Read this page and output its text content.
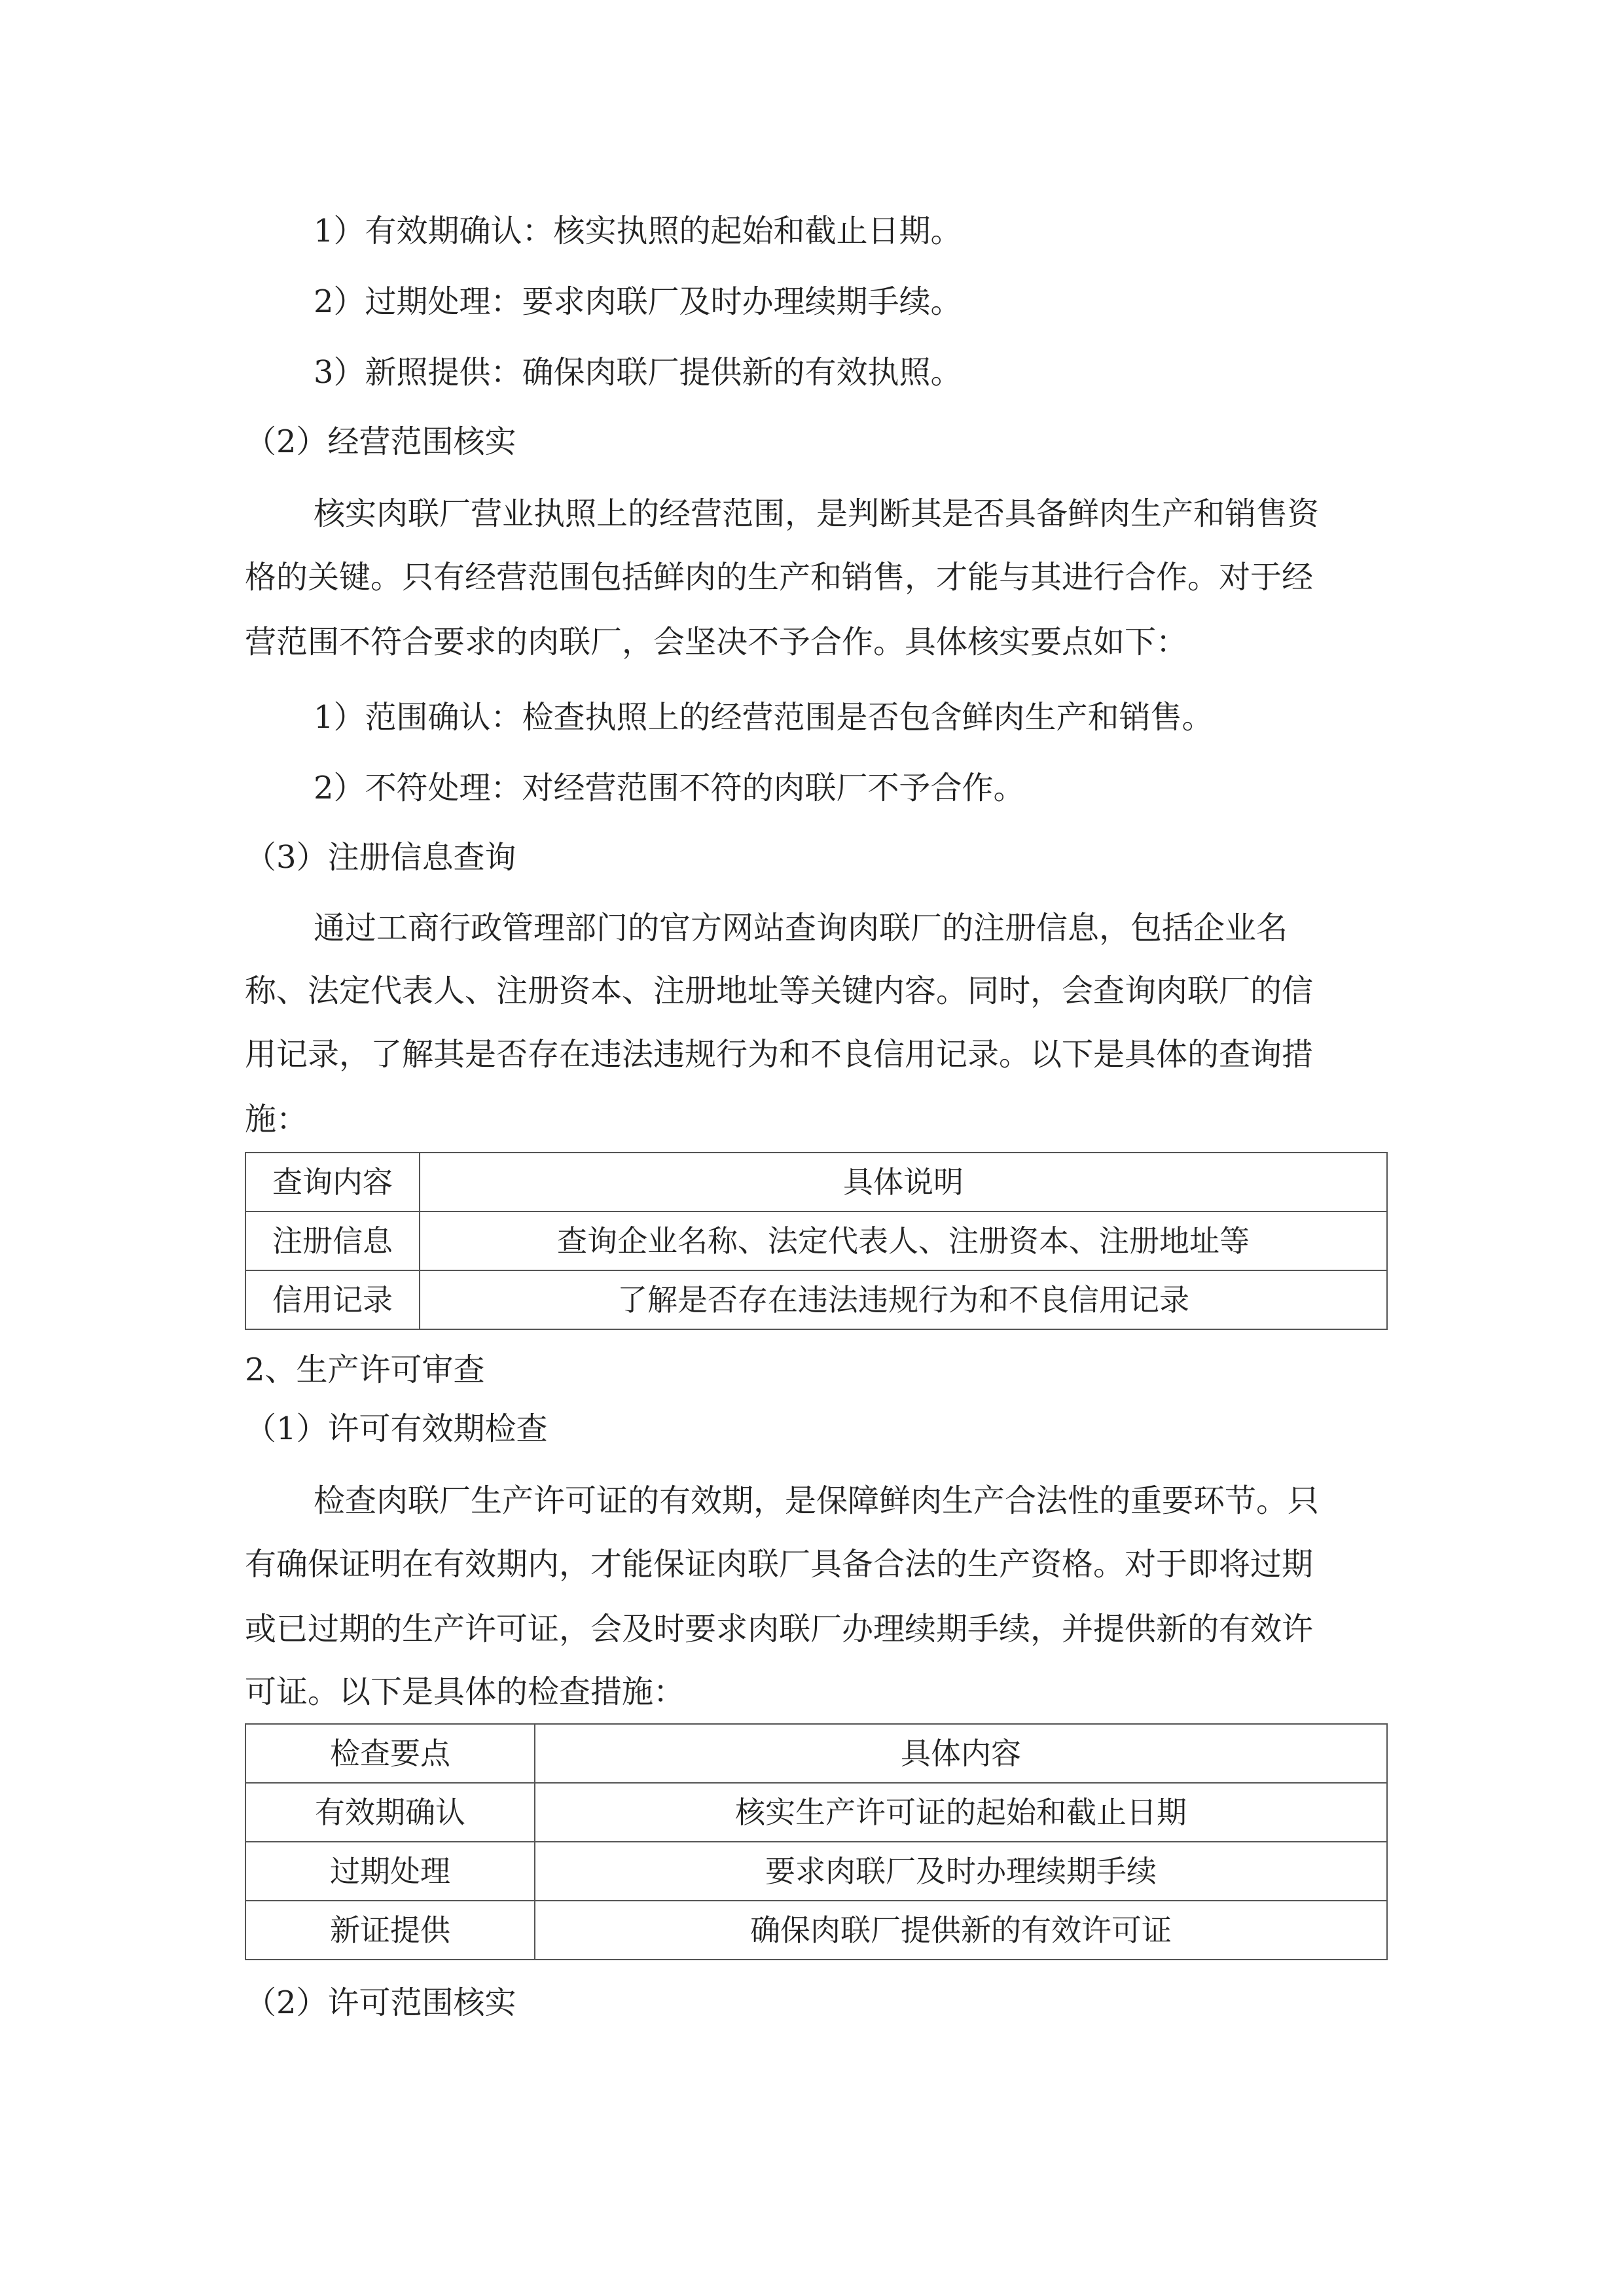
1）有效期确认：核实执照的起始和截止日期。
2）过期处理：要求肉联厂及时办理续期手续。
3）新照提供：确保肉联厂提供新的有效执照。
（2）经营范围核实
核实肉联厂营业执照上的经营范围，是判断其是否具备鲜肉生产和销售资
格的关键。只有经营范围包括鲜肉的生产和销售，才能与其进行合作。对于经
营范围不符合要求的肉联厂，会坚决不予合作。具体核实要点如下：
1）范围确认：检查执照上的经营范围是否包含鲜肉生产和销售。
2）不符处理：对经营范围不符的肉联厂不予合作。
（3）注册信息查询
通过工商行政管理部门的官方网站查询肉联厂的注册信息，包括企业名
称、法定代表人、注册资本、注册地址等关键内容。同时，会查询肉联厂的信
用记录，了解其是否存在违法违规行为和不良信用记录。以下是具体的查询措
施：
查询内容	具体说明
注册信息	查询企业名称、法定代表人、注册资本、注册地址等
信用记录	了解是否存在违法违规行为和不良信用记录
2、生产许可审查
（1）许可有效期检查
检查肉联厂生产许可证的有效期，是保障鲜肉生产合法性的重要环节。只
有确保证明在有效期内，才能保证肉联厂具备合法的生产资格。对于即将过期
或已过期的生产许可证，会及时要求肉联厂办理续期手续，并提供新的有效许
可证。以下是具体的检查措施：
检查要点	具体内容
有效期确认	核实生产许可证的起始和截止日期
过期处理	要求肉联厂及时办理续期手续
新证提供	确保肉联厂提供新的有效许可证
（2）许可范围核实
